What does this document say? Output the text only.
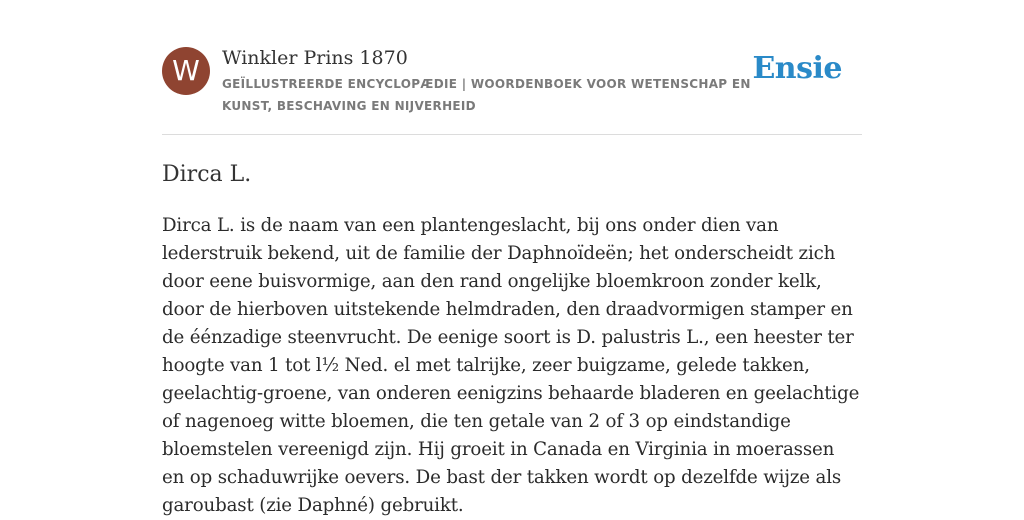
W	Winkler Prins 1870
GEÏLLUSTREERDE ENCYCLOPÆDIE | WOORDENBOEK VOOR WETENSCHAP EN KUNST, BESCHAVING EN NIJVERHEID
Ensie
Dirca L.

Dirca L. is de naam van een plantengeslacht, bij ons onder dien van lederstruik bekend, uit de familie der Daphnoïdeën; het onderscheidt zich door eene buisvormige, aan den rand ongelijke bloemkroon zonder kelk, door de hierboven uitstekende helmdraden, den draadvormigen stamper en de éénzadige steenvrucht. De eenige soort is D. palustris L., een heester ter hoogte van 1 tot l½ Ned. el met talrijke, zeer buigzame, gelede takken, geelachtig-groene, van onderen eenigzins behaarde bladeren en geelachtige of nagenoeg witte bloemen, die ten getale van 2 of 3 op eindstandige bloemstelen vereenigd zijn. Hij groeit in Canada en Virginia in moerassen en op schaduwrijke oevers. De bast der takken wordt op dezelfde wijze als garoubast (zie Daphné) gebruikt.
